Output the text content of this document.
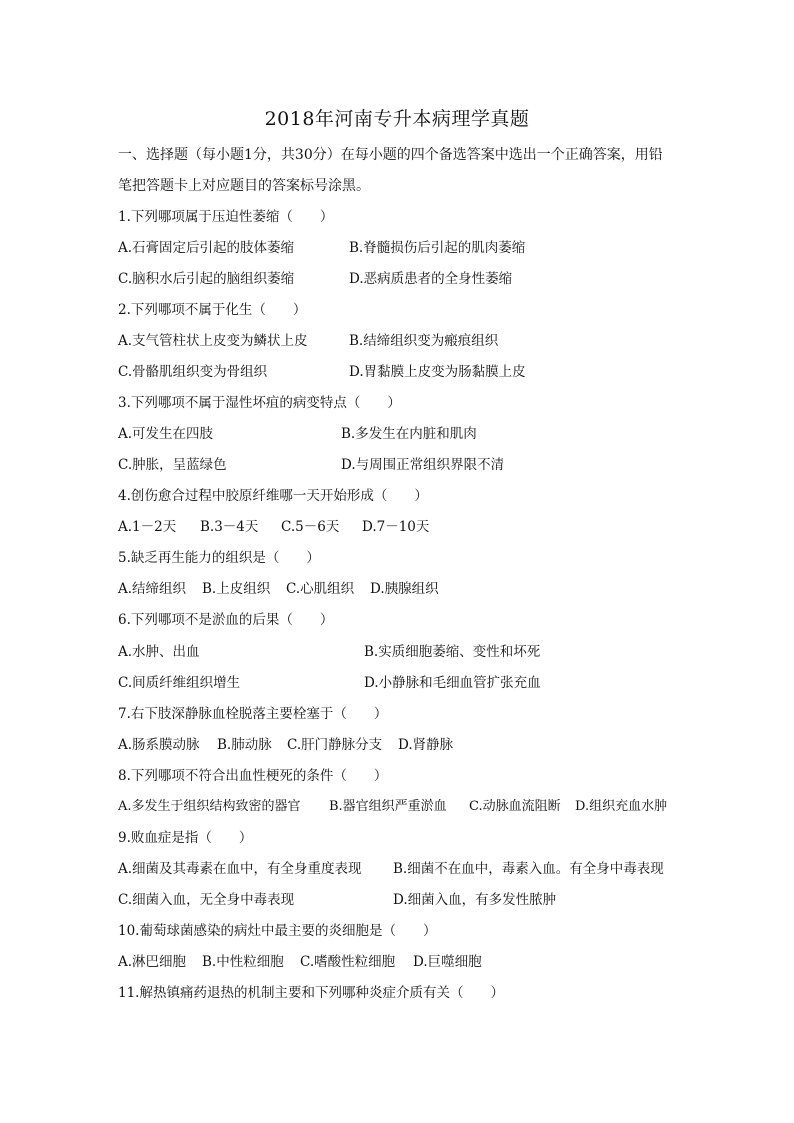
2018年河南专升本病理学真题
一、选择题（每小题1分，共30分）在每小题的四个备选答案中选出一个正确答案，用铅
笔把答题卡上对应题目的答案标号涂黑。
1.下列哪项属于压迫性萎缩（　　）
A.石膏固定后引起的肢体萎缩	B.脊髓损伤后引起的肌肉萎缩
C.脑积水后引起的脑组织萎缩	D.恶病质患者的全身性萎缩
2.下列哪项不属于化生（　　）
A.支气管柱状上皮变为鳞状上皮	B.结缔组织变为瘢痕组织
C.骨骼肌组织变为骨组织	D.胃黏膜上皮变为肠黏膜上皮
3.下列哪项不属于湿性坏疽的病变特点（　　）
A.可发生在四肢	B.多发生在内脏和肌肉
C.肿胀，呈蓝绿色	D.与周围正常组织界限不清
4.创伤愈合过程中胶原纤维哪一天开始形成（　　）
A.1－2天 B.3－4天 C.5－6天 D.7－10天
5.缺乏再生能力的组织是（　　）
A.结缔组织 B.上皮组织 C.心肌组织 D.胰腺组织
6.下列哪项不是淤血的后果（　　）
A.水肿、出血	B.实质细胞萎缩、变性和坏死
C.间质纤维组织增生	D.小静脉和毛细血管扩张充血
7.右下肢深静脉血栓脱落主要栓塞于（　　）
A.肠系膜动脉 B.肺动脉 C.肝门静脉分支 D.肾静脉
8.下列哪项不符合出血性梗死的条件（　　）
A.多发生于组织结构致密的器官 B.器官组织严重淤血 C.动脉血流阻断 D.组织充血水肿
9.败血症是指（　　）
A.细菌及其毒素在血中，有全身重度表现 B.细菌不在血中，毒素入血。有全身中毒表现
C.细菌入血，无全身中毒表现	D.细菌入血，有多发性脓肿
10.葡萄球菌感染的病灶中最主要的炎细胞是（　　）
A.淋巴细胞 B.中性粒细胞 C.嗜酸性粒细胞 D.巨噬细胞
11.解热镇痛药退热的机制主要和下列哪种炎症介质有关（　　）
